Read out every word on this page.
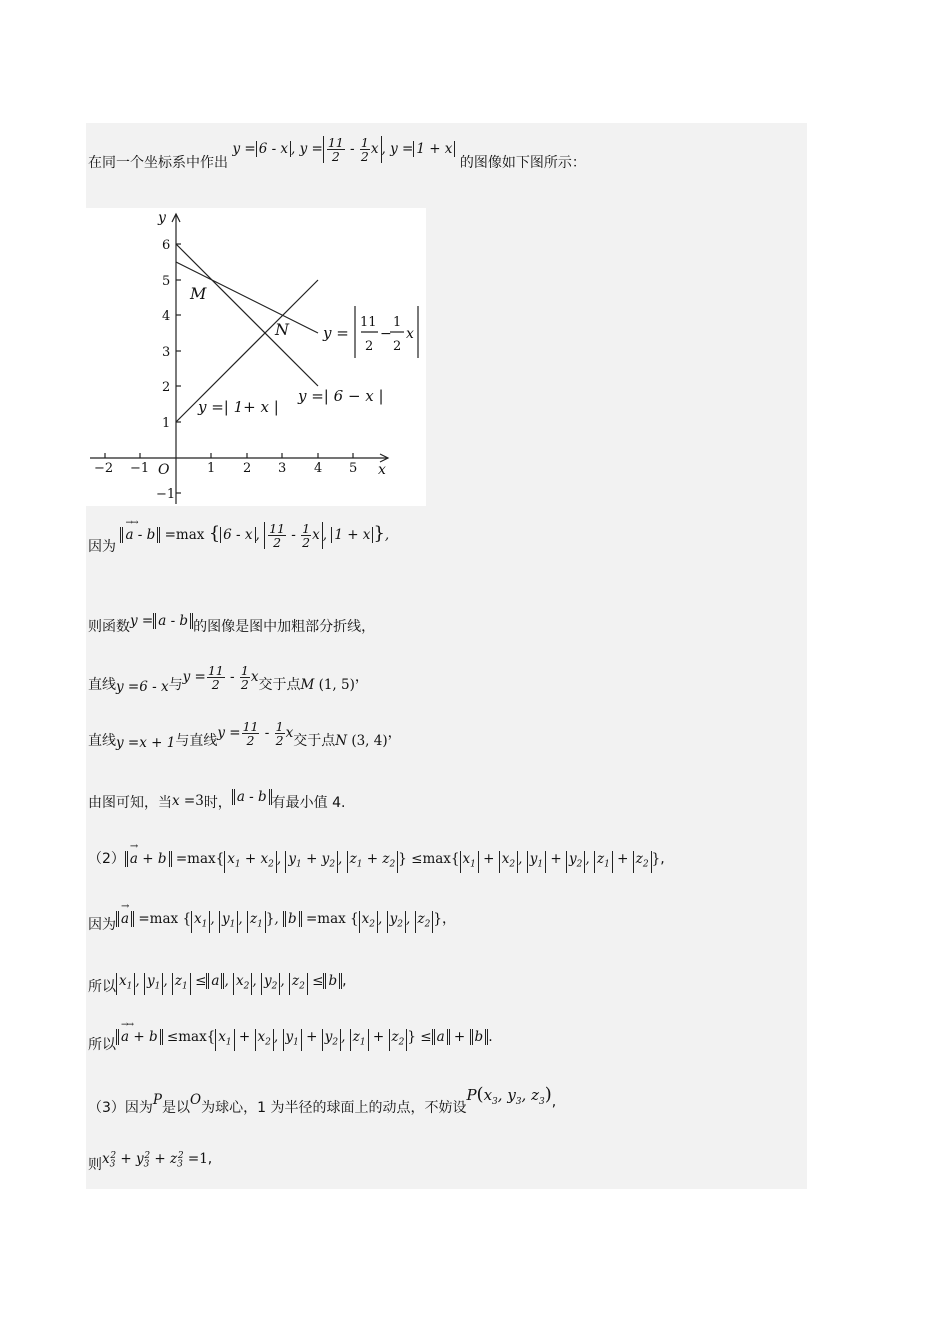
在同一个坐标系中作出 y = 6 - x , $y = \frac{11}{2} - \frac{1}{2}$ x , y = 1 + x 的图像如下图所示：
y
x
O
6
5
4
3
2
1
−1
−2 −1	1 2 3 4 5
M
N
y =| 1+ x |
y =| 6 − x |
y =
11
2
−
1
2
x
因为 →→ a - b =max { 6 - x , $\frac{11}{2} - \frac{1}{2}$ x , 1 + x },
则函数y = a - b 的图像是图中加粗部分折线，
直线y =6 - x与$y = \frac{11}{2} - \frac{1}{2}$ x交于点M (1, 5)，
直线y =x + 1与直线$y = \frac{11}{2} - \frac{1}{2}$ x交于点N (3, 4)，
由图可知，当x =3时， a - b 有最小值 4.
（2） → a + b =max{ $x_1 + x_2$ , $y_1 + y_2$ , $z_1 + z_2$ } ≤max{ $x_1 + x_2$ , $y_1 + y_2$ , $z_1 + z_2$ },
因为 → a =max { $x_1$ , $y_1$ , $z_1$ }, b =max { $x_2$ , $y_2$ , $z_2$ }，
所以 $x_1$ , $y_1$ , $z_1 \le a$ , $x_2$ , $y_2$ , $z_2 \le b$ ,
所以 →→ a + b ≤max{ $x_1 + x_2$ , $y_1 + y_2$ , $z_1 + z_2$ } ≤ a + b .
（3）因为P是以O为球心，1 为半径的球面上的动点，不妨设$P(x_3$, $y_3$, $z_3$),
则$x_3^2 + y_3^2 + z_3^2 =1$,
